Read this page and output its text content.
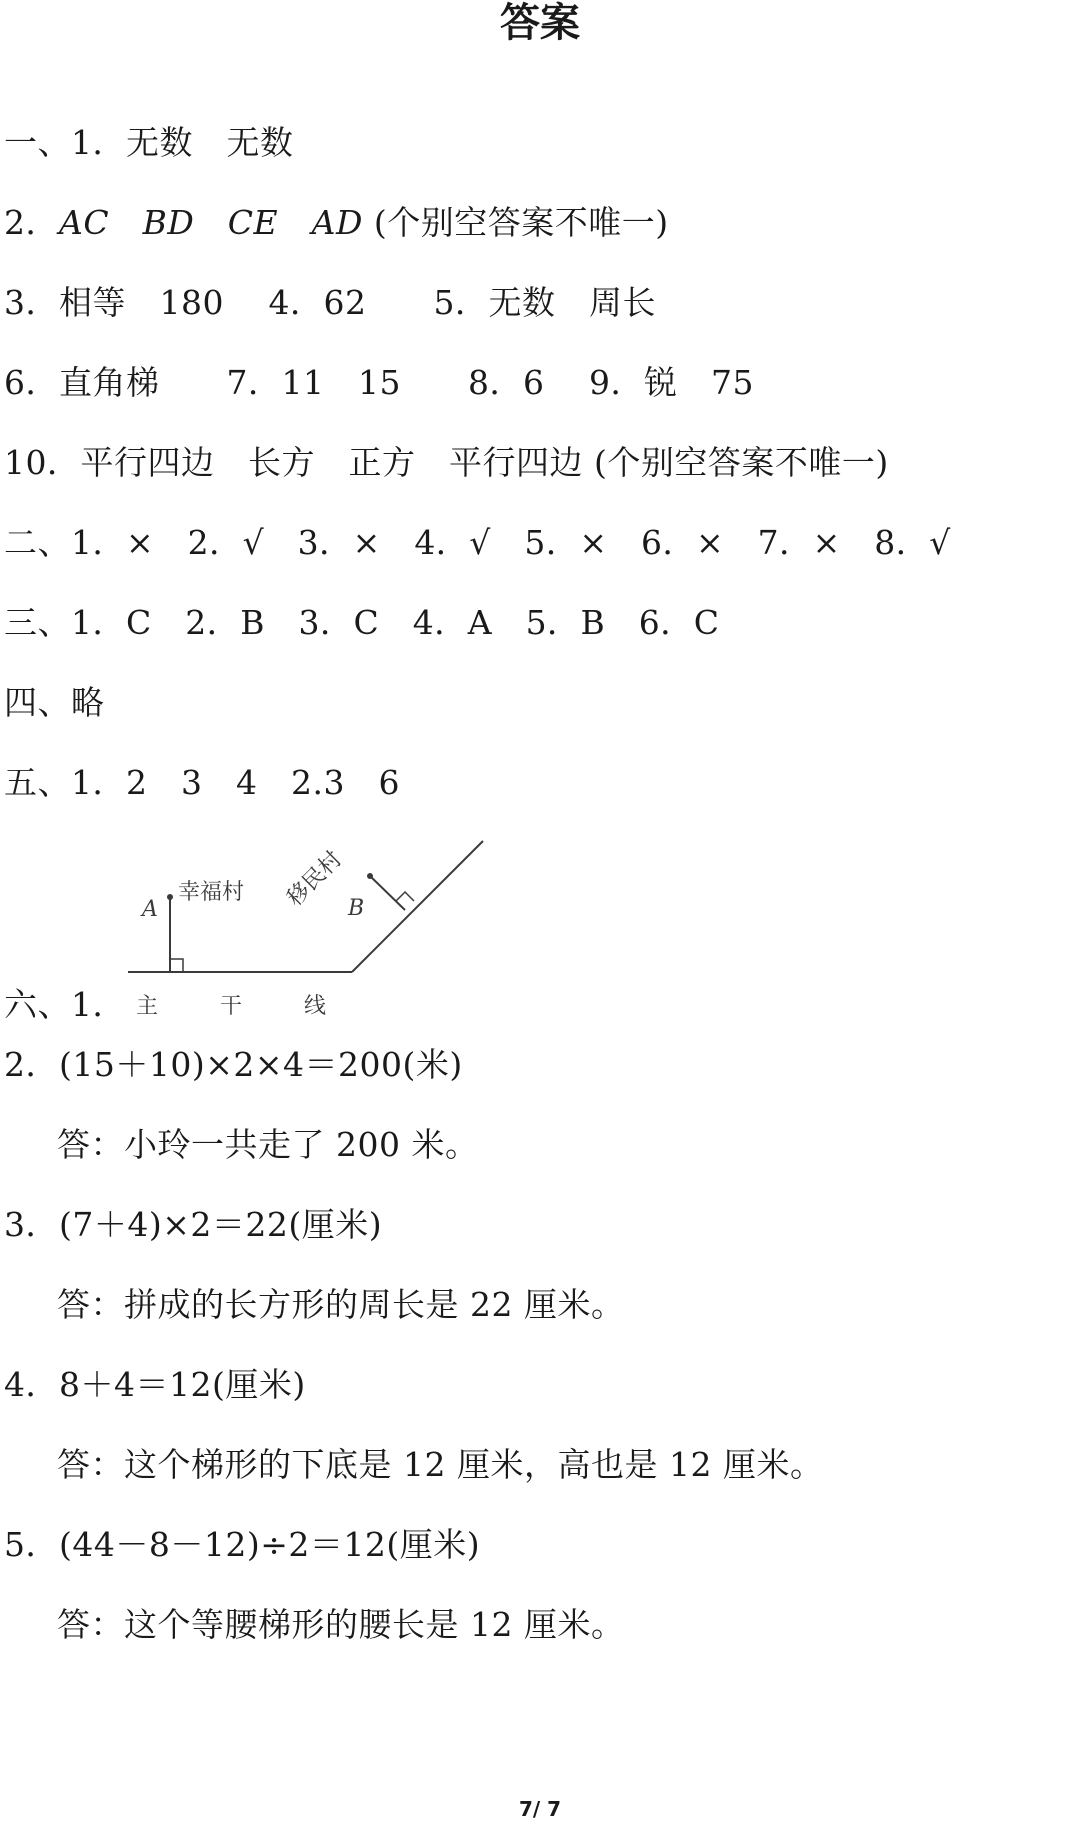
答案
一、1．无数　无数
2．AC　BD　CE　AD (个别空答案不唯一)
3．相等　180　 4．62　　5．无数　周长
6．直角梯　　7．11　15　　8．6　 9．锐　75
10．平行四边　长方　正方　平行四边 (个别空答案不唯一)
二、1．×　2．√　3．×　4．√　5．×　6．×　7．×　8．√
三、1．C　2．B　3．C　4．A　5．B　6．C
四、略
五、1．2　3　4　2.3　6
A
幸福村
B
移民村
主	干	线
六、1．
2．(15＋10)×2×4＝200(米)
答：小玲一共走了 200 米。
3．(7＋4)×2＝22(厘米)
答：拼成的长方形的周长是 22 厘米。
4．8＋4＝12(厘米)
答：这个梯形的下底是 12 厘米，高也是 12 厘米。
5．(44－8－12)÷2＝12(厘米)
答：这个等腰梯形的腰长是 12 厘米。
7/ 7
